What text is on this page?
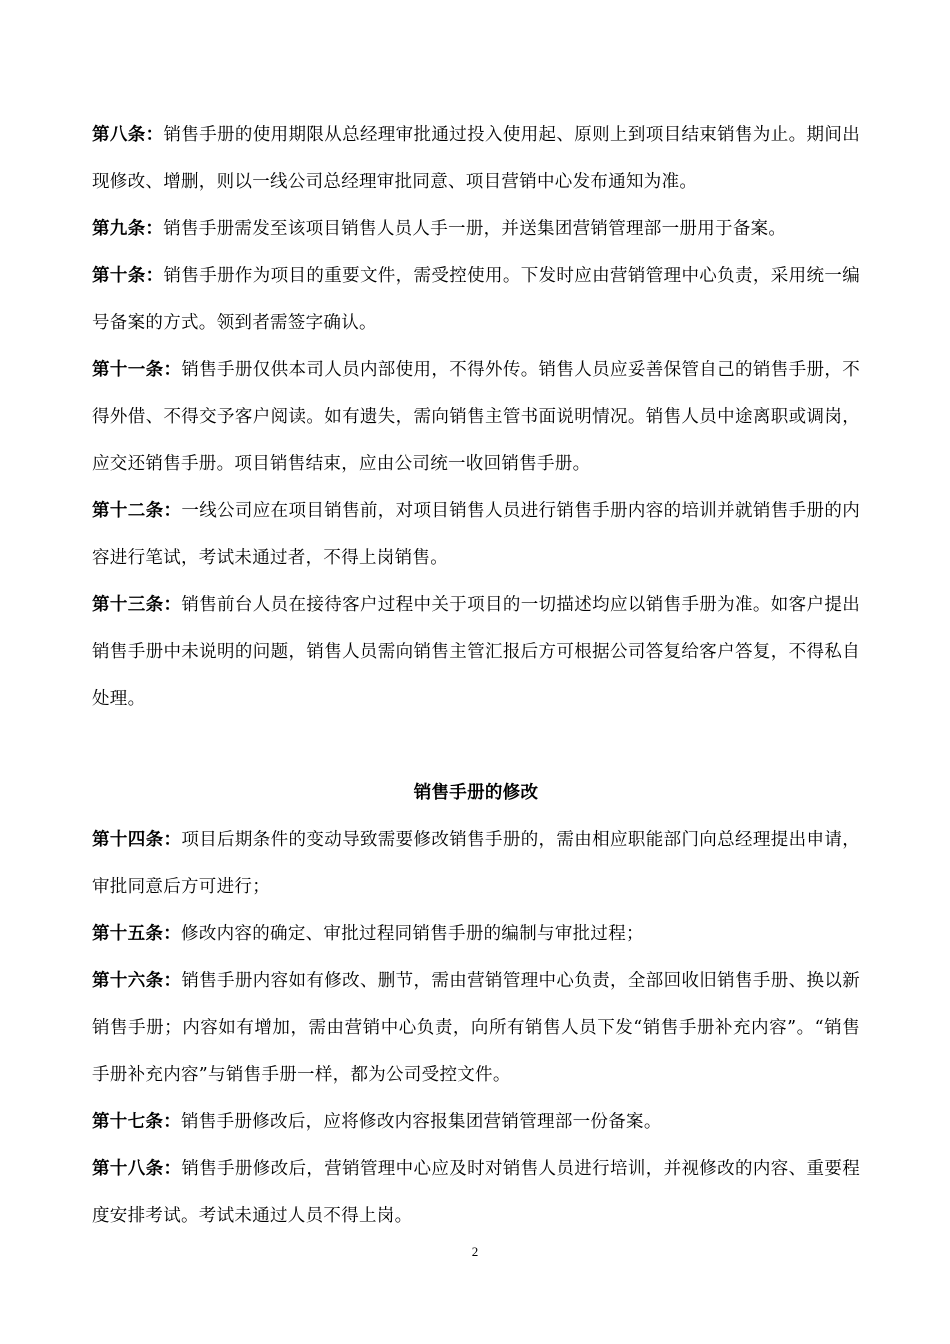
第八条：销售手册的使用期限从总经理审批通过投入使用起、原则上到项目结束销售为止。期间出现修改、增删，则以一线公司总经理审批同意、项目营销中心发布通知为准。

第九条：销售手册需发至该项目销售人员人手一册，并送集团营销管理部一册用于备案。

第十条：销售手册作为项目的重要文件，需受控使用。下发时应由营销管理中心负责，采用统一编号备案的方式。领到者需签字确认。

第十一条：销售手册仅供本司人员内部使用，不得外传。销售人员应妥善保管自己的销售手册，不得外借、不得交予客户阅读。如有遗失，需向销售主管书面说明情况。销售人员中途离职或调岗，应交还销售手册。项目销售结束，应由公司统一收回销售手册。

第十二条：一线公司应在项目销售前，对项目销售人员进行销售手册内容的培训并就销售手册的内容进行笔试，考试未通过者，不得上岗销售。

第十三条：销售前台人员在接待客户过程中关于项目的一切描述均应以销售手册为准。如客户提出销售手册中未说明的问题，销售人员需向销售主管汇报后方可根据公司答复给客户答复，不得私自处理。

销售手册的修改

第十四条：项目后期条件的变动导致需要修改销售手册的，需由相应职能部门向总经理提出申请，审批同意后方可进行；

第十五条：修改内容的确定、审批过程同销售手册的编制与审批过程；

第十六条：销售手册内容如有修改、删节，需由营销管理中心负责，全部回收旧销售手册、换以新销售手册；内容如有增加，需由营销中心负责，向所有销售人员下发“销售手册补充内容”。“销售手册补充内容”与销售手册一样，都为公司受控文件。

第十七条：销售手册修改后，应将修改内容报集团营销管理部一份备案。

第十八条：销售手册修改后，营销管理中心应及时对销售人员进行培训，并视修改的内容、重要程度安排考试。考试未通过人员不得上岗。

2
